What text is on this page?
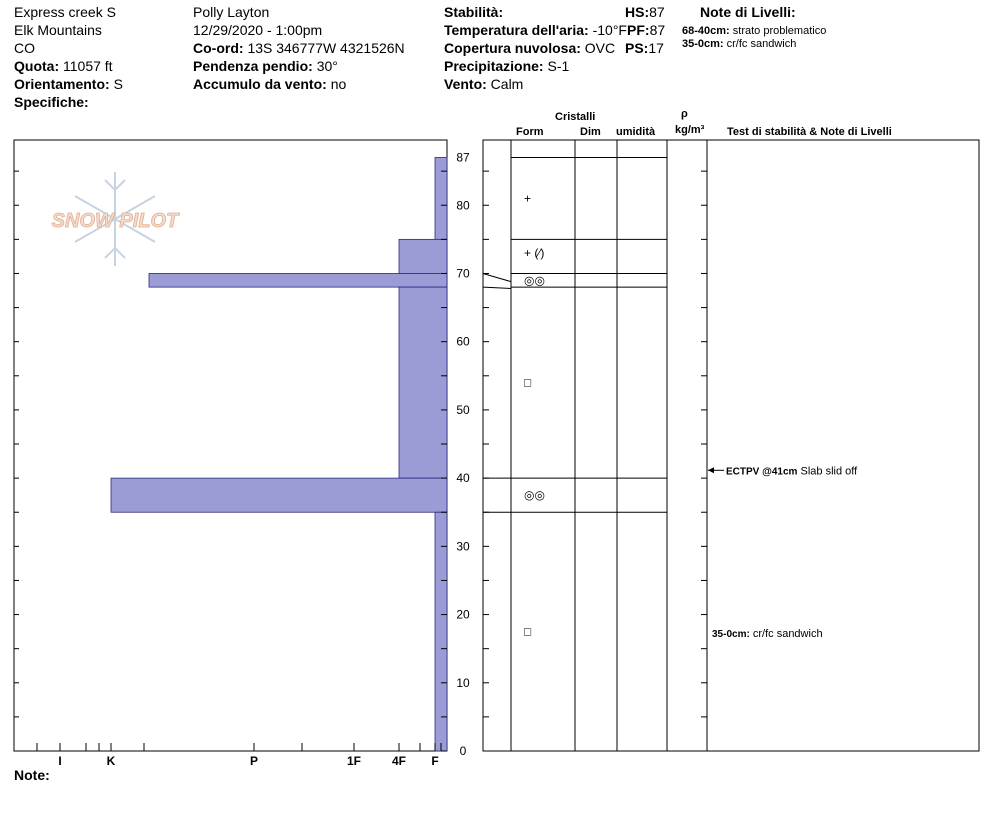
Express creek S
Elk Mountains
CO
Quota: 11057 ft
Orientamento: S
Specifiche:
Polly Layton
12/29/2020 - 1:00pm
Co-ord: 13S 346777W 4321526N
Pendenza pendio: 30°
Accumulo da vento: no
Stabilità:
Temperatura dell'aria: -10°F
Copertura nuvolosa: OVC
Precipitazione: S-1
Vento: Calm
HS:87
PF:87
PS:17
Note di Livelli:
68-40cm: strato problematico
35-0cm: cr/fc sandwich
Cristalli
Form	Dim umidità
ρ
kg/m³ Test di stabilità & Note di Livelli
Note:
SNOW PILOT
0
10
20
30
40
50
60
70
80
87
F
4F
1F
P
K
I
+
+ (⁄)
◎◎
□
◎◎
□
ECTPV @41cm Slab slid off
35-0cm: cr/fc sandwich
